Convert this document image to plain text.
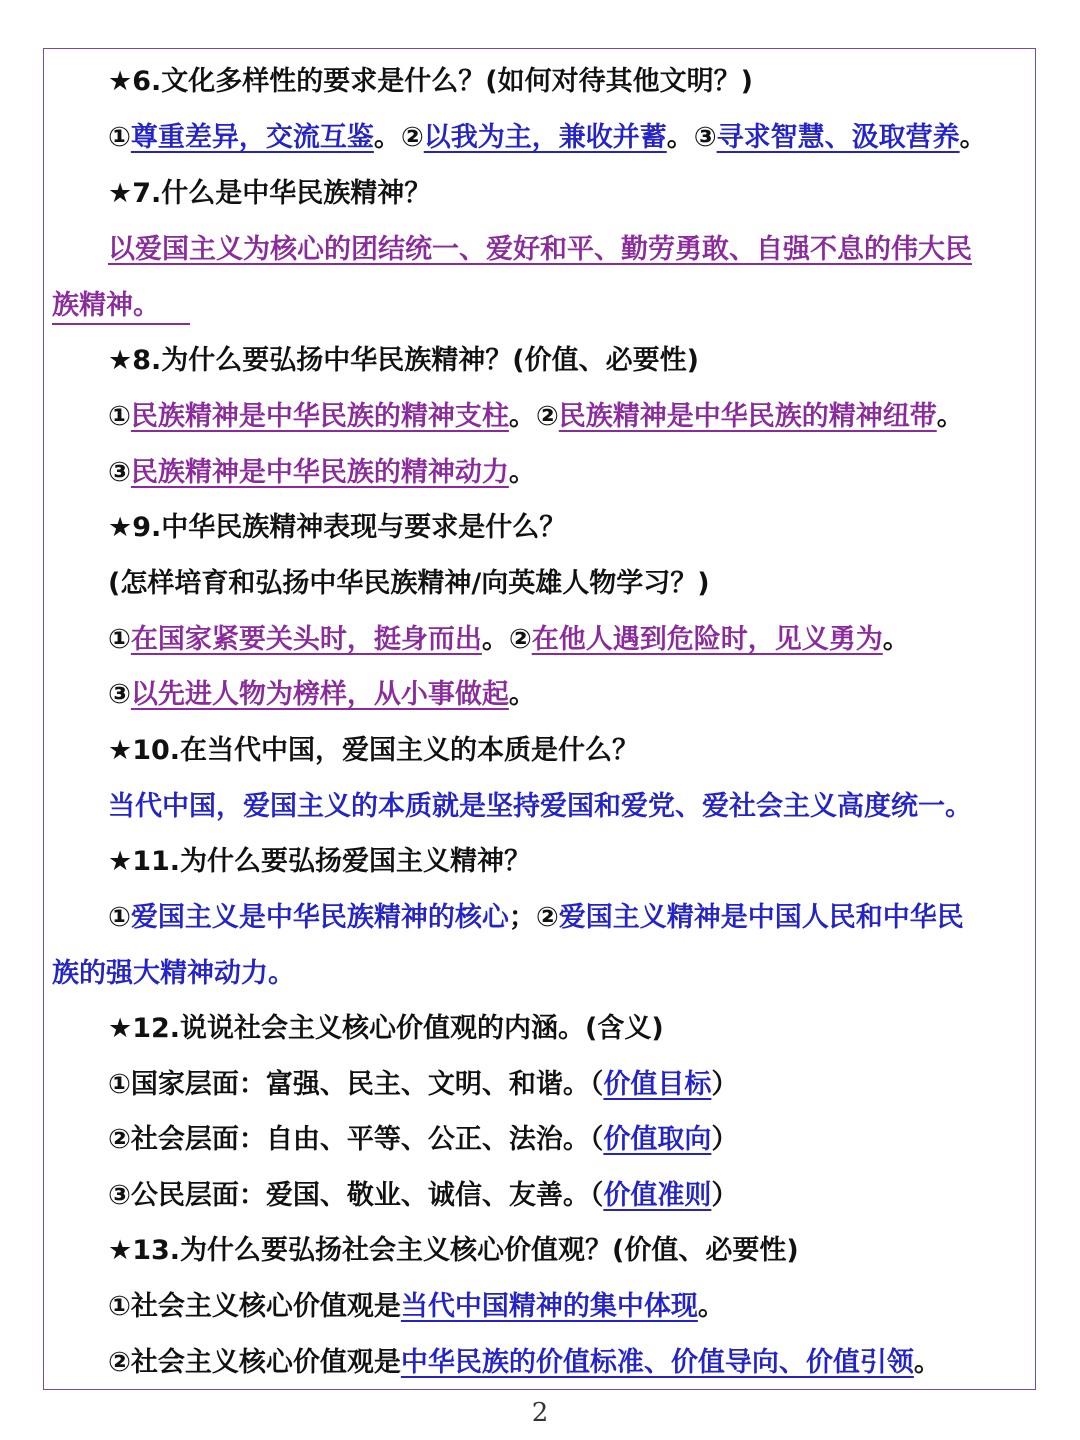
★6.文化多样性的要求是什么？(如何对待其他文明？)
①尊重差异，交流互鉴。②以我为主，兼收并蓄。③寻求智慧、汲取营养。
★7.什么是中华民族精神？
以爱国主义为核心的团结统一、爱好和平、勤劳勇敢、自强不息的伟大民
族精神。
★8.为什么要弘扬中华民族精神？(价值、必要性)
①民族精神是中华民族的精神支柱。②民族精神是中华民族的精神纽带。
③民族精神是中华民族的精神动力。
★9.中华民族精神表现与要求是什么？
(怎样培育和弘扬中华民族精神/向英雄人物学习？)
①在国家紧要关头时，挺身而出。②在他人遇到危险时，见义勇为。
③以先进人物为榜样，从小事做起。
★10.在当代中国，爱国主义的本质是什么？
当代中国，爱国主义的本质就是坚持爱国和爱党、爱社会主义高度统一。
★11.为什么要弘扬爱国主义精神？
①爱国主义是中华民族精神的核心；②爱国主义精神是中国人民和中华民
族的强大精神动力。
★12.说说社会主义核心价值观的内涵。(含义)
①国家层面：富强、民主、文明、和谐。（价值目标）
②社会层面：自由、平等、公正、法治。（价值取向）
③公民层面：爱国、敬业、诚信、友善。（价值准则）
★13.为什么要弘扬社会主义核心价值观？(价值、必要性)
①社会主义核心价值观是当代中国精神的集中体现。
②社会主义核心价值观是中华民族的价值标准、价值导向、价值引领。
2
